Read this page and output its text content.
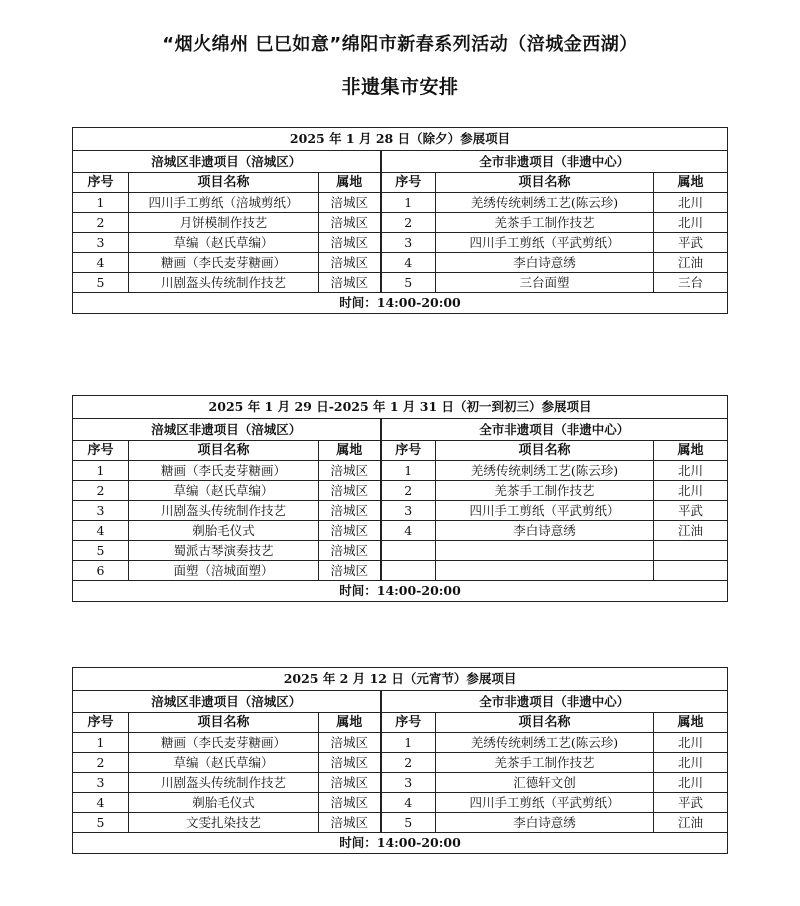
“烟火绵州 巳巳如意”绵阳市新春系列活动（涪城金西湖）
非遗集市安排
2025 年 1 月 28 日（除夕）参展项目					
涪城区非遗项目（涪城区）			全市非遗项目（非遗中心）		
序号	项目名称	属地	序号	项目名称	属地
1	四川手工剪纸（涪城剪纸）	涪城区	1	羌绣传统刺绣工艺(陈云珍)	北川
2	月饼模制作技艺	涪城区	2	羌茶手工制作技艺	北川
3	草编（赵氏草编）	涪城区	3	四川手工剪纸（平武剪纸）	平武
4	糖画（李氏麦芽糖画）	涪城区	4	李白诗意绣	江油
5	川剧盔头传统制作技艺	涪城区	5	三台面塑	三台
时间：14:00-20:00					
2025 年 1 月 29 日-2025 年 1 月 31 日（初一到初三）参展项目					
涪城区非遗项目（涪城区）			全市非遗项目（非遗中心）		
序号	项目名称	属地	序号	项目名称	属地
1	糖画（李氏麦芽糖画）	涪城区	1	羌绣传统刺绣工艺(陈云珍)	北川
2	草编（赵氏草编）	涪城区	2	羌茶手工制作技艺	北川
3	川剧盔头传统制作技艺	涪城区	3	四川手工剪纸（平武剪纸）	平武
4	剃胎毛仪式	涪城区	4	李白诗意绣	江油
5	蜀派古琴演奏技艺	涪城区			
6	面塑（涪城面塑）	涪城区			
时间：14:00-20:00					
2025 年 2 月 12 日（元宵节）参展项目					
涪城区非遗项目（涪城区）			全市非遗项目（非遗中心）		
序号	项目名称	属地	序号	项目名称	属地
1	糖画（李氏麦芽糖画）	涪城区	1	羌绣传统刺绣工艺(陈云珍)	北川
2	草编（赵氏草编）	涪城区	2	羌茶手工制作技艺	北川
3	川剧盔头传统制作技艺	涪城区	3	汇德轩文创	北川
4	剃胎毛仪式	涪城区	4	四川手工剪纸（平武剪纸）	平武
5	文雯扎染技艺	涪城区	5	李白诗意绣	江油
时间：14:00-20:00					
